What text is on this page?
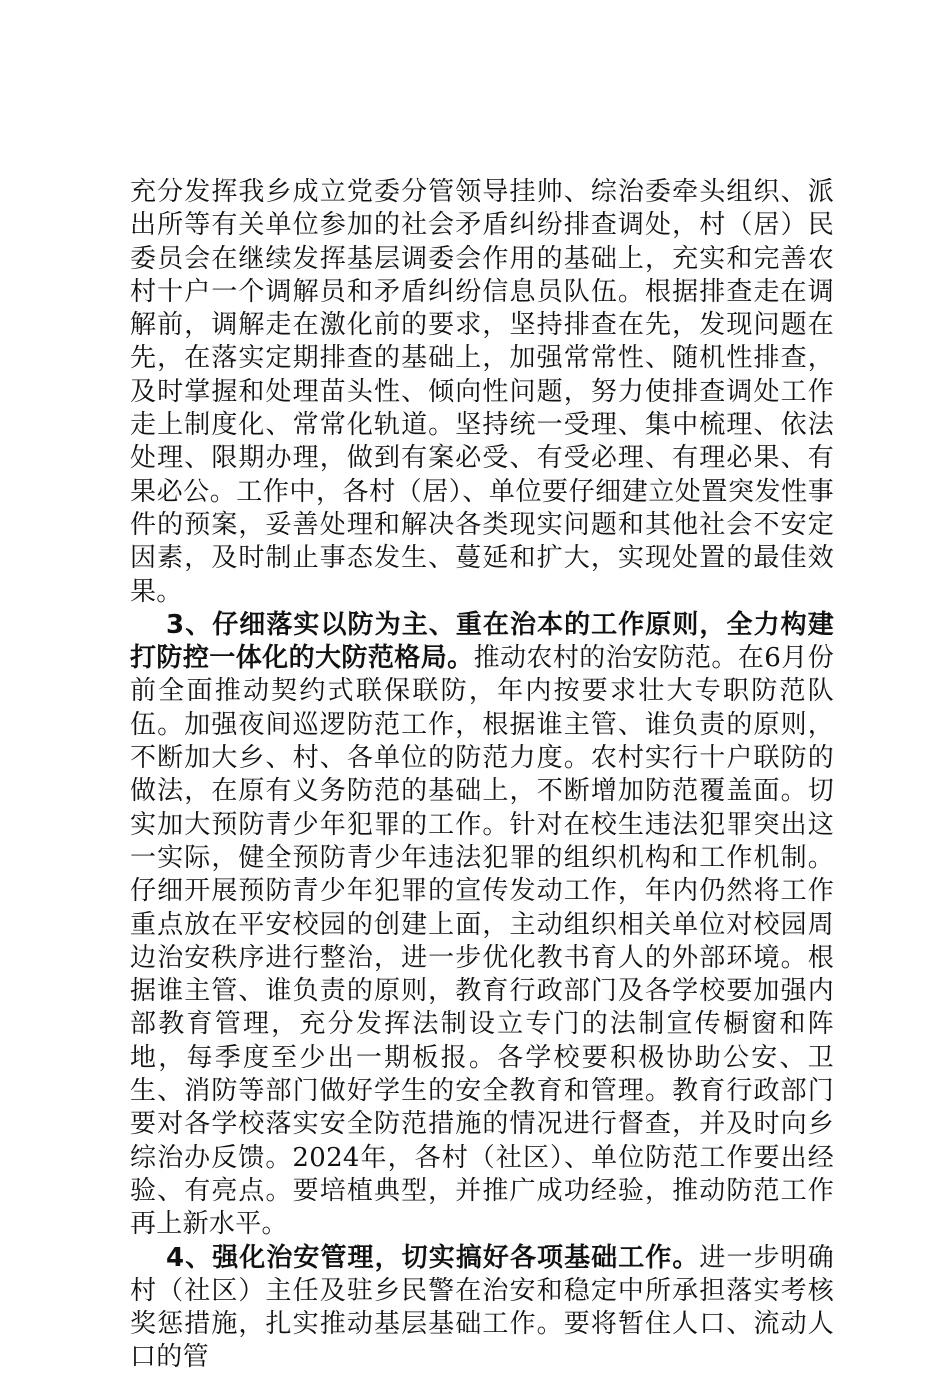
充分发挥我乡成立党委分管领导挂帅、综治委牵头组织、派出所等有关单位参加的社会矛盾纠纷排查调处，村（居）民委员会在继续发挥基层调委会作用的基础上，充实和完善农村十户一个调解员和矛盾纠纷信息员队伍。根据排查走在调解前，调解走在激化前的要求，坚持排查在先，发现问题在先，在落实定期排查的基础上，加强常常性、随机性排查，及时掌握和处理苗头性、倾向性问题，努力使排查调处工作走上制度化、常常化轨道。坚持统一受理、集中梳理、依法处理、限期办理，做到有案必受、有受必理、有理必果、有果必公。工作中，各村（居）、单位要仔细建立处置突发性事件的预案，妥善处理和解决各类现实问题和其他社会不安定因素，及时制止事态发生、蔓延和扩大，实现处置的最佳效果。

3、仔细落实以防为主、重在治本的工作原则，全力构建打防控一体化的大防范格局。推动农村的治安防范。在6月份前全面推动契约式联保联防，年内按要求壮大专职防范队伍。加强夜间巡逻防范工作，根据谁主管、谁负责的原则，不断加大乡、村、各单位的防范力度。农村实行十户联防的做法，在原有义务防范的基础上，不断增加防范覆盖面。切实加大预防青少年犯罪的工作。针对在校生违法犯罪突出这一实际，健全预防青少年违法犯罪的组织机构和工作机制。仔细开展预防青少年犯罪的宣传发动工作，年内仍然将工作重点放在平安校园的创建上面，主动组织相关单位对校园周边治安秩序进行整治，进一步优化教书育人的外部环境。根据谁主管、谁负责的原则，教育行政部门及各学校要加强内部教育管理，充分发挥法制设立专门的法制宣传橱窗和阵地，每季度至少出一期板报。各学校要积极协助公安、卫生、消防等部门做好学生的安全教育和管理。教育行政部门要对各学校落实安全防范措施的情况进行督查，并及时向乡综治办反馈。2024年，各村（社区）、单位防范工作要出经验、有亮点。要培植典型，并推广成功经验，推动防范工作再上新水平。

4、强化治安管理，切实搞好各项基础工作。进一步明确村（社区）主任及驻乡民警在治安和稳定中所承担落实考核奖惩措施，扎实推动基层基础工作。要将暂住人口、流动人口的管
